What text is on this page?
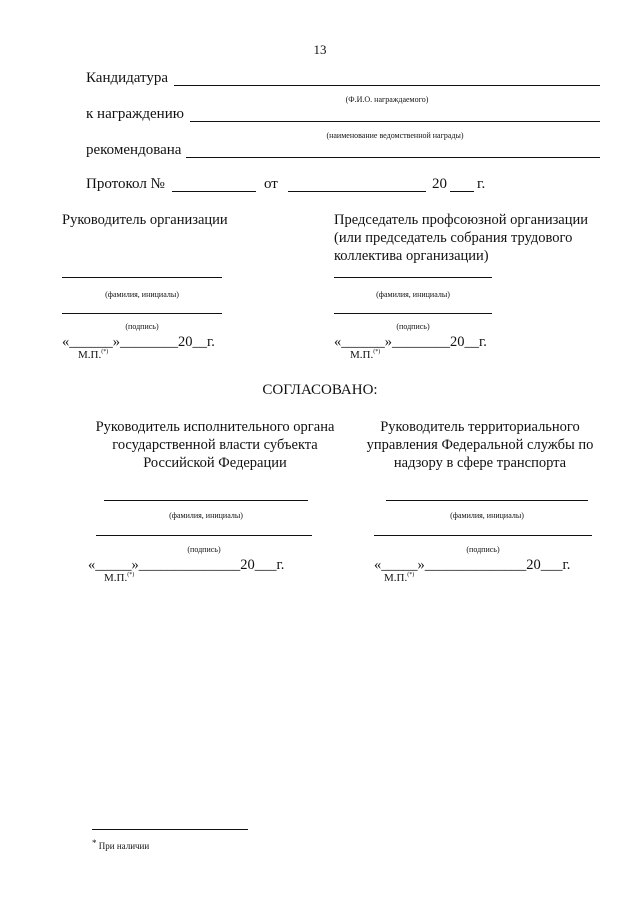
13
Кандидатура
(Ф.И.О. награждаемого)
к награждению
(наименование ведомственной награды)
рекомендована
Протокол №	от	20 г.
Руководитель организации
(фамилия, инициалы)
(подпись)
«______»________20__г.
М.П.(*)
Председатель профсоюзной организации
(или председатель собрания трудового
коллектива организации)
(фамилия, инициалы)
(подпись)
«______»________20__г.
М.П.(*)
СОГЛАСОВАНО:
Руководитель исполнительного органа
государственной власти субъекта
Российской Федерации
(фамилия, инициалы)
(подпись)
«_____»______________20___г.
М.П.(*)
Руководитель территориального
управления Федеральной службы по
надзору в сфере транспорта
(фамилия, инициалы)
(подпись)
«_____»______________20___г.
М.П.(*)
* При наличии
